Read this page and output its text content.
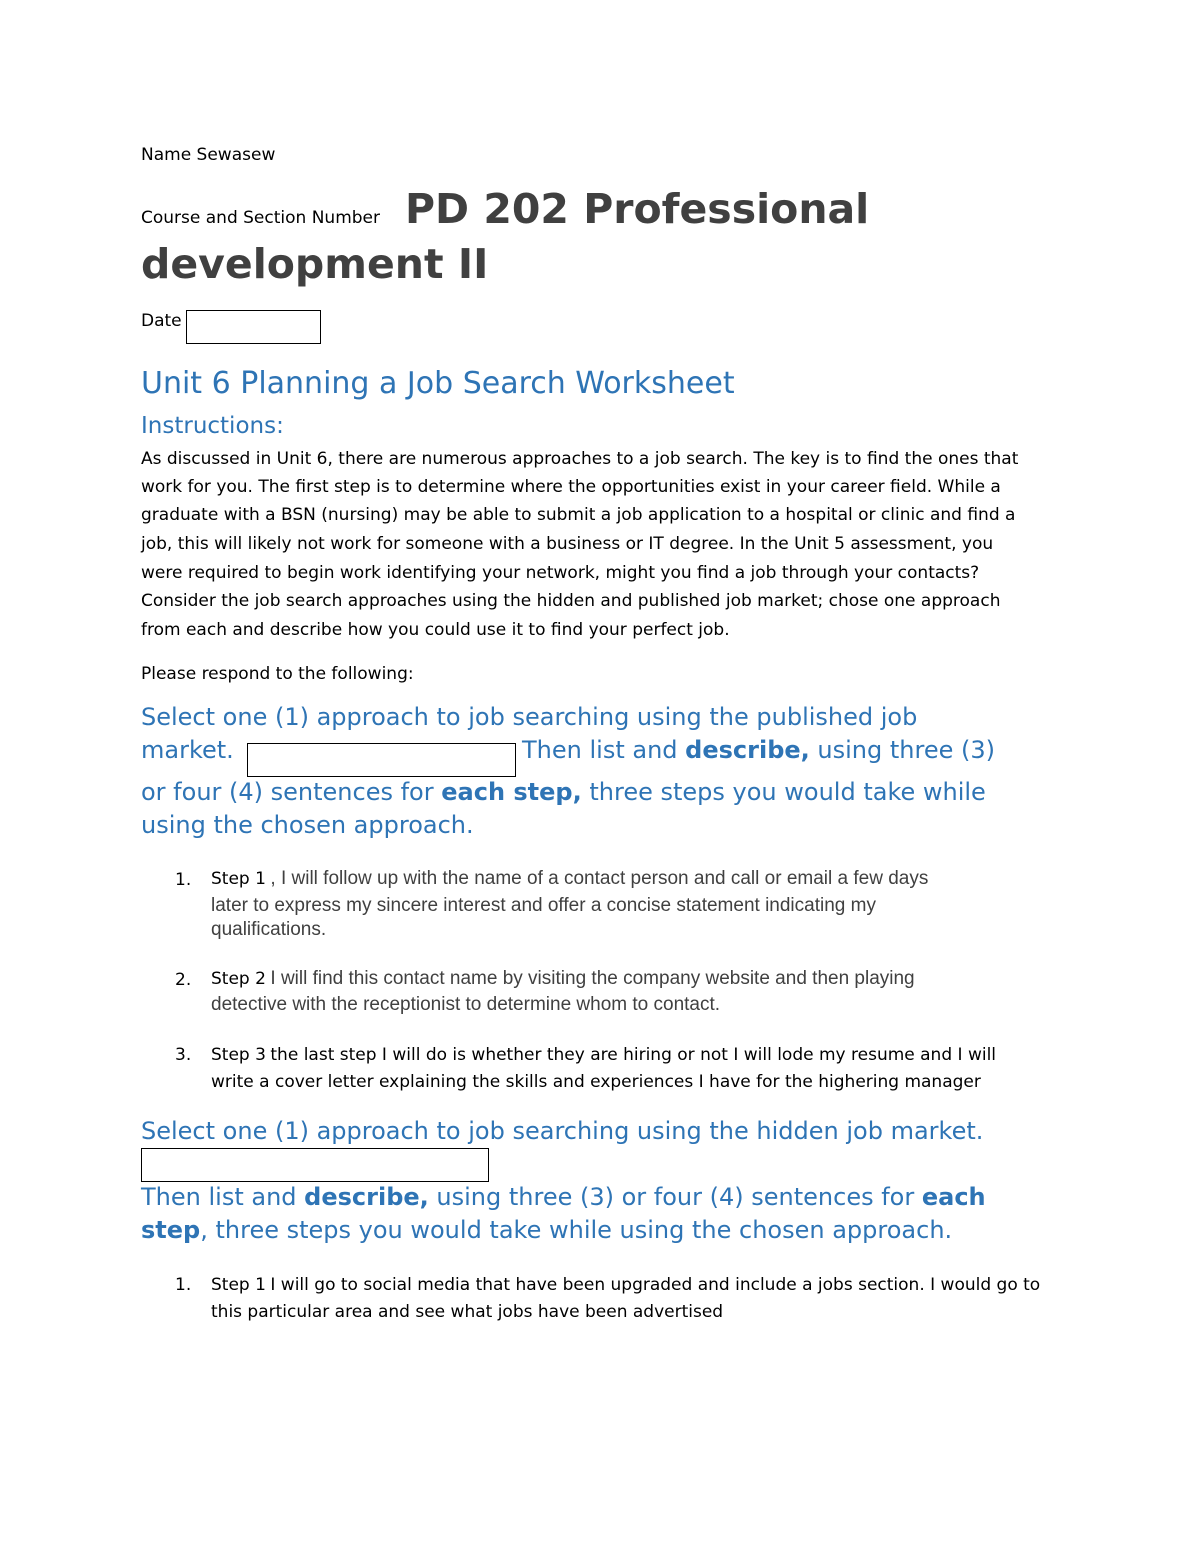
Name Sewasew
Course and Section Number PD 202 Professional
development II
Date
Unit 6 Planning a Job Search Worksheet
Instructions:
As discussed in Unit 6, there are numerous approaches to a job search. The key is to find the ones that
work for you. The first step is to determine where the opportunities exist in your career field. While a
graduate with a BSN (nursing) may be able to submit a job application to a hospital or clinic and find a
job, this will likely not work for someone with a business or IT degree. In the Unit 5 assessment, you
were required to begin work identifying your network, might you find a job through your contacts?
Consider the job search approaches using the hidden and published job market; chose one approach
from each and describe how you could use it to find your perfect job.
Please respond to the following:
Select one (1) approach to job searching using the published job
market.	Then list and describe, using three (3)
or four (4) sentences for each step, three steps you would take while
using the chosen approach.
1. Step 1 , I will follow up with the name of a contact person and call or email a few days
later to express my sincere interest and offer a concise statement indicating my
qualifications.
2. Step 2 I will find this contact name by visiting the company website and then playing
detective with the receptionist to determine whom to contact.
3. Step 3 the last step I will do is whether they are hiring or not I will lode my resume and I will
write a cover letter explaining the skills and experiences I have for the highering manager
Select one (1) approach to job searching using the hidden job market.
Then list and describe, using three (3) or four (4) sentences for each
step, three steps you would take while using the chosen approach.
1. Step 1 I will go to social media that have been upgraded and include a jobs section. I would go to
this particular area and see what jobs have been advertised
